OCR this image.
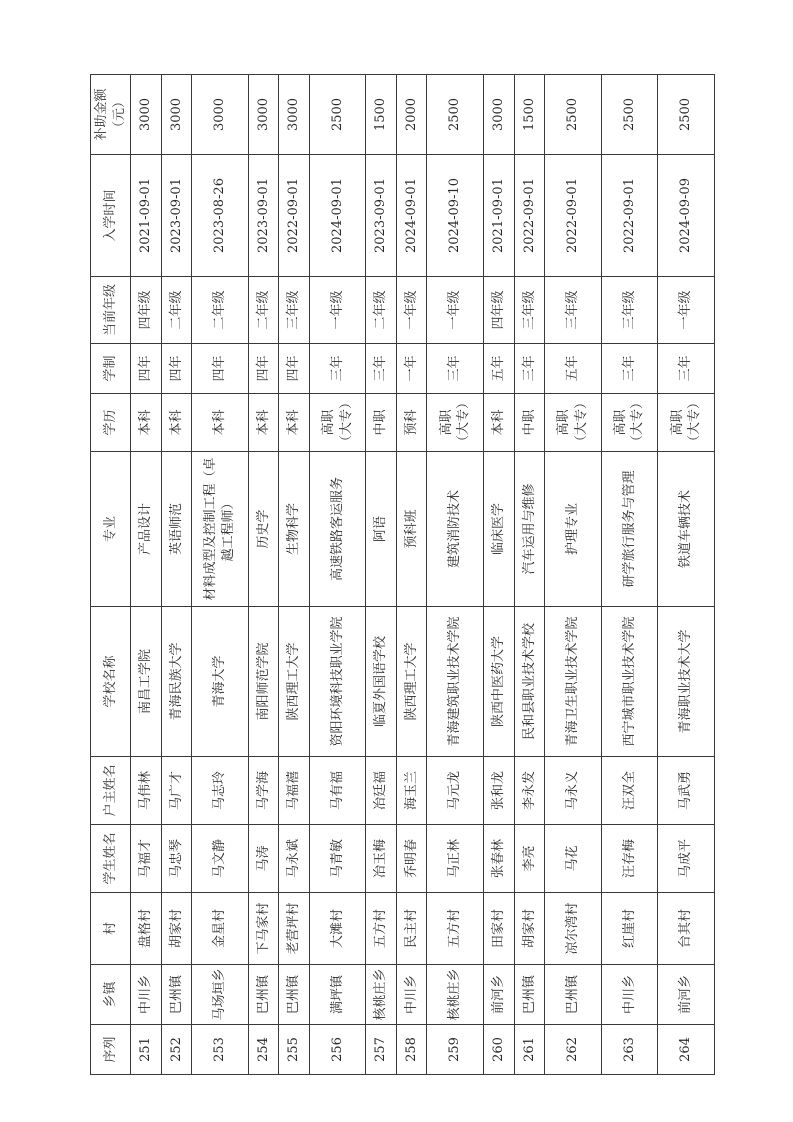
序列	乡镇	村	学生姓名	户主姓名	学校名称	专业	学历	学制	当前年级	入学时间	补助金额
（元）
251	中川乡	盘格村	马福才	马伟林	南昌工学院	产品设计	本科	四年	四年级	2021-09-01	3000
252	巴州镇	胡家村	马忠琴	马广才	青海民族大学	英语师范	本科	四年	二年级	2023-09-01	3000
253	马场垣乡	金星村	马文静	马志玲	青海大学	材料成型及控制工程（卓越工程师）	本科	四年	二年级	2023-08-26	3000
254	巴州镇	下马家村	马涛	马学海	南阳师范学院	历史学	本科	四年	二年级	2023-09-01	3000
255	巴州镇	老营坪村	马永斌	马福禧	陕西理工大学	生物科学	本科	四年	三年级	2022-09-01	3000
256	满坪镇	大滩村	马青敏	马有福	资阳环境科技职业学院	高速铁路客运服务	高职
（大专）	三年	一年级	2024-09-01	2500
257	核桃庄乡	五方村	冶玉梅	冶廷福	临夏外国语学校	阿语	中职	三年	二年级	2023-09-01	1500
258	中川乡	民主村	乔明春	海玉兰	陕西理工大学	预科班	预科	一年	一年级	2024-09-01	2000
259	核桃庄乡	五方村	马正林	马元龙	青海建筑职业技术学院	建筑消防技术	高职
（大专）	三年	一年级	2024-09-10	2500
260	前河乡	田家村	张春林	张和龙	陕西中医药大学	临床医学	本科	五年	四年级	2021-09-01	3000
261	巴州镇	胡家村	李亮	李永发	民和县职业技术学校	汽车运用与维修	中职	三年	三年级	2022-09-01	1500
262	巴州镇	凉尔湾村	马花	马永义	青海卫生职业技术学院	护理专业	高职
（大专）	五年	三年级	2022-09-01	2500
263	中川乡	红崖村	汪存梅	汪双全	西宁城市职业技术学院	研学旅行服务与管理	高职
（大专）	三年	三年级	2022-09-01	2500
264	前河乡	台其村	马成平	马武勇	青海职业技术大学	铁道车辆技术	高职
（大专）	三年	一年级	2024-09-09	2500
